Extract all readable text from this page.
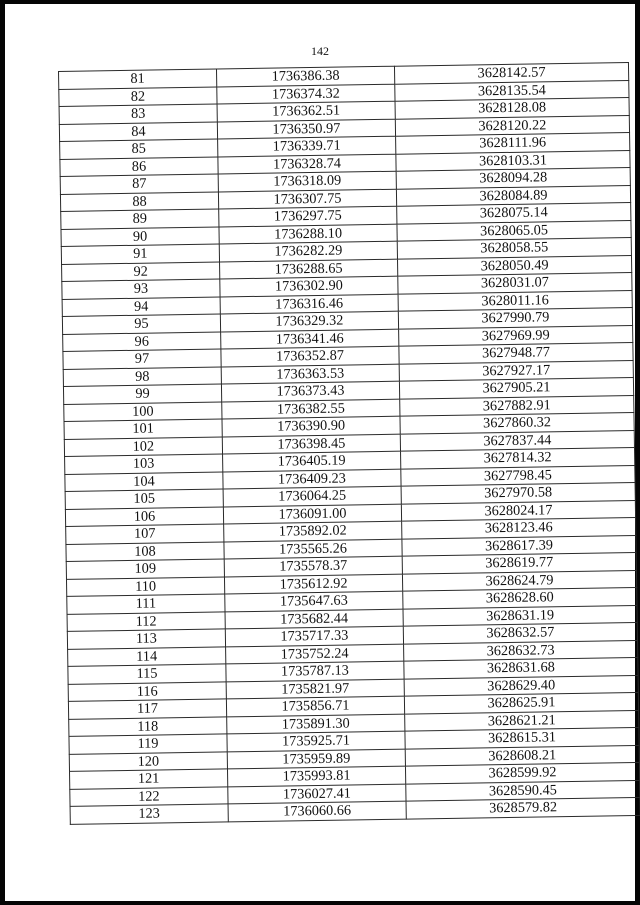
142
81	1736386.38	3628142.57
82	1736374.32	3628135.54
83	1736362.51	3628128.08
84	1736350.97	3628120.22
85	1736339.71	3628111.96
86	1736328.74	3628103.31
87	1736318.09	3628094.28
88	1736307.75	3628084.89
89	1736297.75	3628075.14
90	1736288.10	3628065.05
91	1736282.29	3628058.55
92	1736288.65	3628050.49
93	1736302.90	3628031.07
94	1736316.46	3628011.16
95	1736329.32	3627990.79
96	1736341.46	3627969.99
97	1736352.87	3627948.77
98	1736363.53	3627927.17
99	1736373.43	3627905.21
100	1736382.55	3627882.91
101	1736390.90	3627860.32
102	1736398.45	3627837.44
103	1736405.19	3627814.32
104	1736409.23	3627798.45
105	1736064.25	3627970.58
106	1736091.00	3628024.17
107	1735892.02	3628123.46
108	1735565.26	3628617.39
109	1735578.37	3628619.77
110	1735612.92	3628624.79
111	1735647.63	3628628.60
112	1735682.44	3628631.19
113	1735717.33	3628632.57
114	1735752.24	3628632.73
115	1735787.13	3628631.68
116	1735821.97	3628629.40
117	1735856.71	3628625.91
118	1735891.30	3628621.21
119	1735925.71	3628615.31
120	1735959.89	3628608.21
121	1735993.81	3628599.92
122	1736027.41	3628590.45
123	1736060.66	3628579.82
